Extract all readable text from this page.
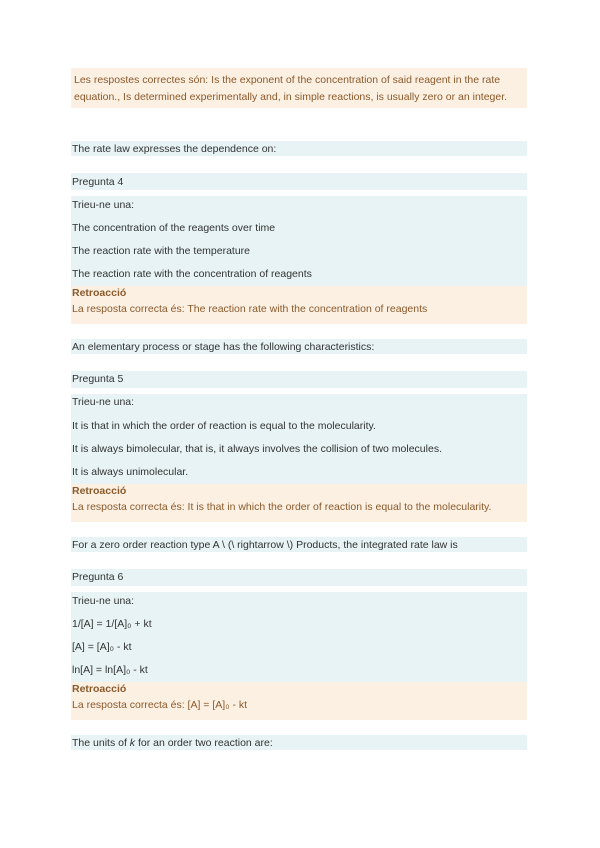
Les respostes correctes són: Is the exponent of the concentration of said reagent in the rate
equation., Is determined experimentally and, in simple reactions, is usually zero or an integer.
The rate law expresses the dependence on:
Pregunta 4
Trieu-ne una:
The concentration of the reagents over time
The reaction rate with the temperature
The reaction rate with the concentration of reagents
Retroacció
La resposta correcta és: The reaction rate with the concentration of reagents
An elementary process or stage has the following characteristics:
Pregunta 5
Trieu-ne una:
It is that in which the order of reaction is equal to the molecularity.
It is always bimolecular, that is, it always involves the collision of two molecules.
It is always unimolecular.
Retroacció
La resposta correcta és: It is that in which the order of reaction is equal to the molecularity.
For a zero order reaction type A \ (\ rightarrow \) Products, the integrated rate law is
Pregunta 6
Trieu-ne una:
1/[A] = 1/[A]₀ + kt
[A] = [A]₀ - kt
ln[A] = ln[A]₀ - kt
Retroacció
La resposta correcta és: [A] = [A]₀ - kt
The units of k for an order two reaction are:
